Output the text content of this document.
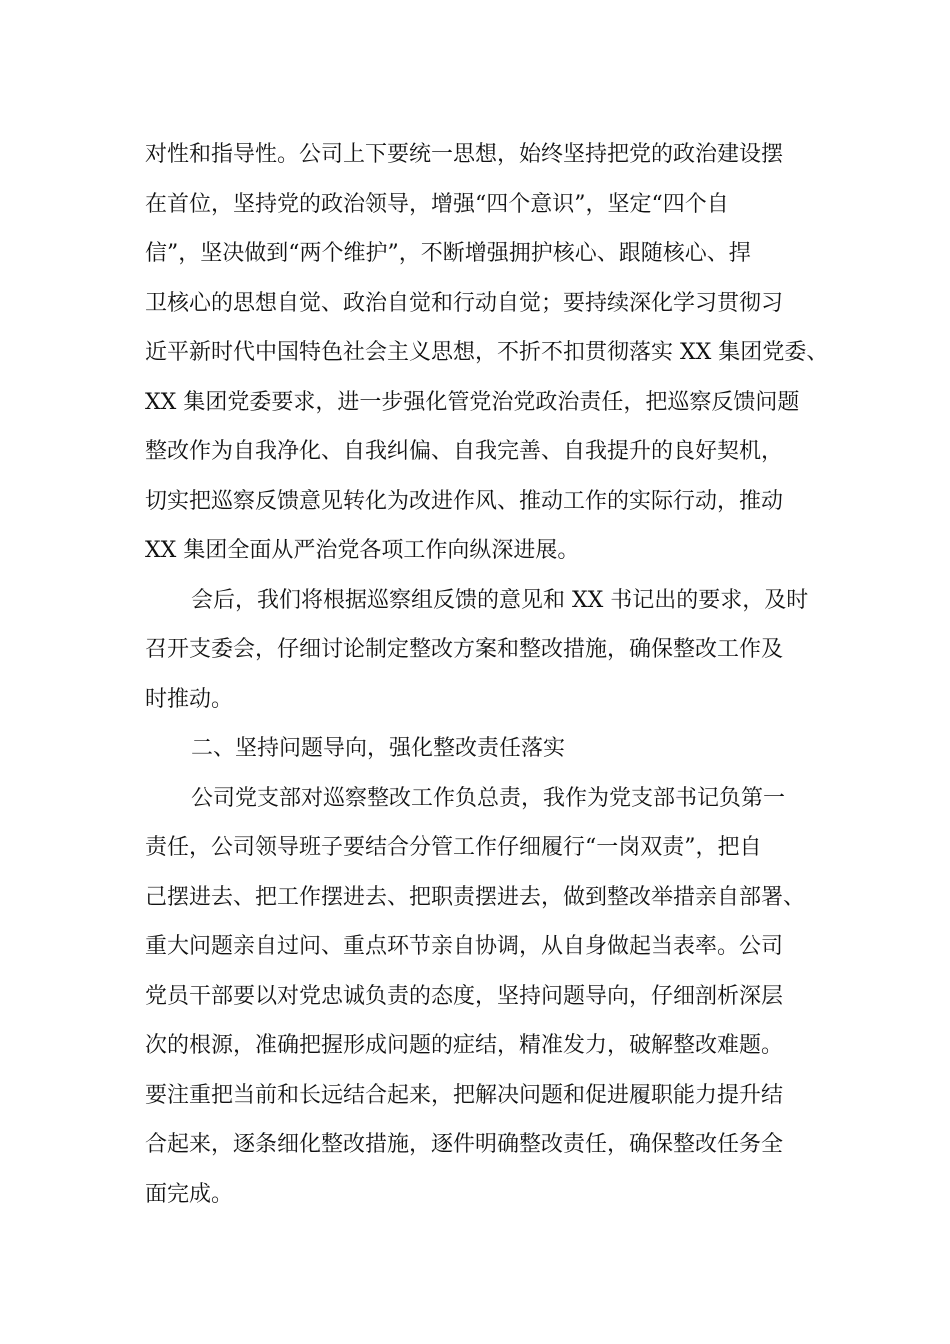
对性和指导性。公司上下要统一思想，始终坚持把党的政治建设摆
在首位，坚持党的政治领导，增强“四个意识”，坚定“四个自
信”，坚决做到“两个维护”，不断增强拥护核心、跟随核心、捍
卫核心的思想自觉、政治自觉和行动自觉；要持续深化学习贯彻习
近平新时代中国特色社会主义思想，不折不扣贯彻落实 XX 集团党委、
XX 集团党委要求，进一步强化管党治党政治责任，把巡察反馈问题
整改作为自我净化、自我纠偏、自我完善、自我提升的良好契机，
切实把巡察反馈意见转化为改进作风、推动工作的实际行动，推动
XX 集团全面从严治党各项工作向纵深进展。
会后，我们将根据巡察组反馈的意见和 XX 书记出的要求，及时
召开支委会，仔细讨论制定整改方案和整改措施，确保整改工作及
时推动。
二、坚持问题导向，强化整改责任落实
公司党支部对巡察整改工作负总责，我作为党支部书记负第一
责任，公司领导班子要结合分管工作仔细履行“一岗双责”，把自
己摆进去、把工作摆进去、把职责摆进去，做到整改举措亲自部署、
重大问题亲自过问、重点环节亲自协调，从自身做起当表率。公司
党员干部要以对党忠诚负责的态度，坚持问题导向，仔细剖析深层
次的根源，准确把握形成问题的症结，精准发力，破解整改难题。
要注重把当前和长远结合起来，把解决问题和促进履职能力提升结
合起来，逐条细化整改措施，逐件明确整改责任，确保整改任务全
面完成。
